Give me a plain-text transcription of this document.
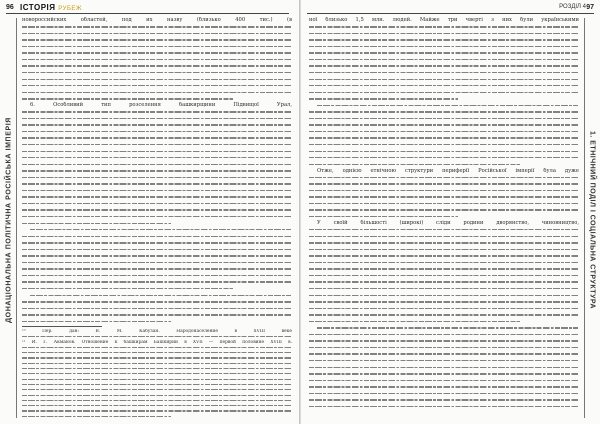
96 ІСТОРІЯ РУБЕЖ
ДОНАЦІОНАЛЬНА ПОЛІТИЧНА РОСІЙСЬКА ІМПЕРІЯ
новороссийских областей, под их назву (близько 400 тис.) (в
6. Особливий тип розселення башкирщини Підвищої Урал,
¹⁰ Пер. дан: В. М. Кабузан. Народонаселение в XVIII веке
¹¹ И. Г. Акманов. Отношение к башкирам Башкирии в XVII — первой половине XVIII в.
РОЗДІЛ 4 97
1. ЕТНІЧНИЙ ПОДІЛ І СОЦІАЛЬНА СТРУКТУРА
ної близько 1,5 млн. людей. Майже три чверті з них були українськими
Отже, однією етнічною структури периферії Російської імперії була дуже
У своїй більшості (широкі) сліди родини дворянство, чиновництво,
